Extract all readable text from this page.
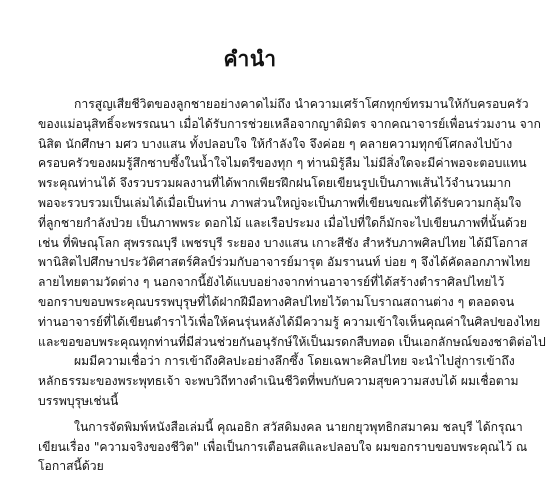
คำนำ
การสูญเสียชีวิตของลูกชายอย่างคาดไม่ถึง นำความเศร้าโศกทุกข์ทรมานให้กับครอบครัว
ของแม่อนุสิทธิ์จะพรรณนา เมื่อได้รับการช่วยเหลือจากญาติมิตร จากคณาจารย์เพื่อนร่วมงาน จาก
นิสิต นักศึกษา มศว บางแสน ทั้งปลอบใจ ให้กำลังใจ จึงค่อย ๆ คลายความทุกข์โศกลงไปบ้าง
ครอบครัวของผมรู้สึกซาบซึ้งในน้ำใจไมตรีของทุก ๆ ท่านมิรู้ลืม ไม่มีสิ่งใดจะมีค่าพอจะตอบแทน
พระคุณท่านได้ จึงรวบรวมผลงานที่ได้พากเพียรฝึกฝนโดยเขียนรูปเป็นภาพเส้นไว้จำนวนมาก
พอจะรวบรวมเป็นเล่มได้เมื่อเป็นท่าน ภาพส่วนใหญ่จะเป็นภาพที่เขียนขณะที่ได้รับความกลุ้มใจ
ที่ลูกชายกำลังป่วย เป็นภาพพระ ดอกไม้ และเรือประมง เมื่อไปที่ใดก็มักจะไปเขียนภาพที่นั้นด้วย
เช่น ที่พิษณุโลก สุพรรณบุรี เพชรบุรี ระยอง บางแสน เกาะสีชัง สำหรับภาพศิลปไทย ได้มีโอกาส
พานิสิตไปศึกษาประวัติศาสตร์ศิลป์ร่วมกับอาจารย์มารุต อัมรานนท์ บ่อย ๆ จึงได้คัดลอกภาพไทย
ลายไทยตามวัดต่าง ๆ นอกจากนี้ยังได้แบบอย่างจากท่านอาจารย์ที่ได้สร้างตำราศิลปไทยไว้
ขอกราบขอบพระคุณบรรพบุรุษที่ได้ฝากฝีมือทางศิลปไทยไว้ตามโบราณสถานต่าง ๆ ตลอดจน
ท่านอาจารย์ที่ได้เขียนตำราไว้เพื่อให้คนรุ่นหลังได้มีความรู้ ความเข้าใจเห็นคุณค่าในศิลปของไทย
และขอขอบพระคุณทุกท่านที่มีส่วนช่วยกันอนุรักษ์ให้เป็นมรดกสืบทอด เป็นเอกลักษณ์ของชาติต่อไป
ผมมีความเชื่อว่า การเข้าถึงศิลปะอย่างลึกซึ้ง โดยเฉพาะศิลปไทย จะนำไปสู่การเข้าถึง
หลักธรรมะของพระพุทธเจ้า จะพบวิถีทางดำเนินชีวิตที่พบกับความสุขความสงบได้ ผมเชื่อตาม
บรรพบุรุษเช่นนี้
ในการจัดพิมพ์หนังสือเล่มนี้ คุณอธิก สวัสดิมงคล นายกยุวพุทธิกสมาคม ชลบุรี ได้กรุณา
เขียนเรื่อง "ความจริงของชีวิต" เพื่อเป็นการเตือนสติและปลอบใจ ผมขอกราบขอบพระคุณไว้ ณ
โอกาสนี้ด้วย
